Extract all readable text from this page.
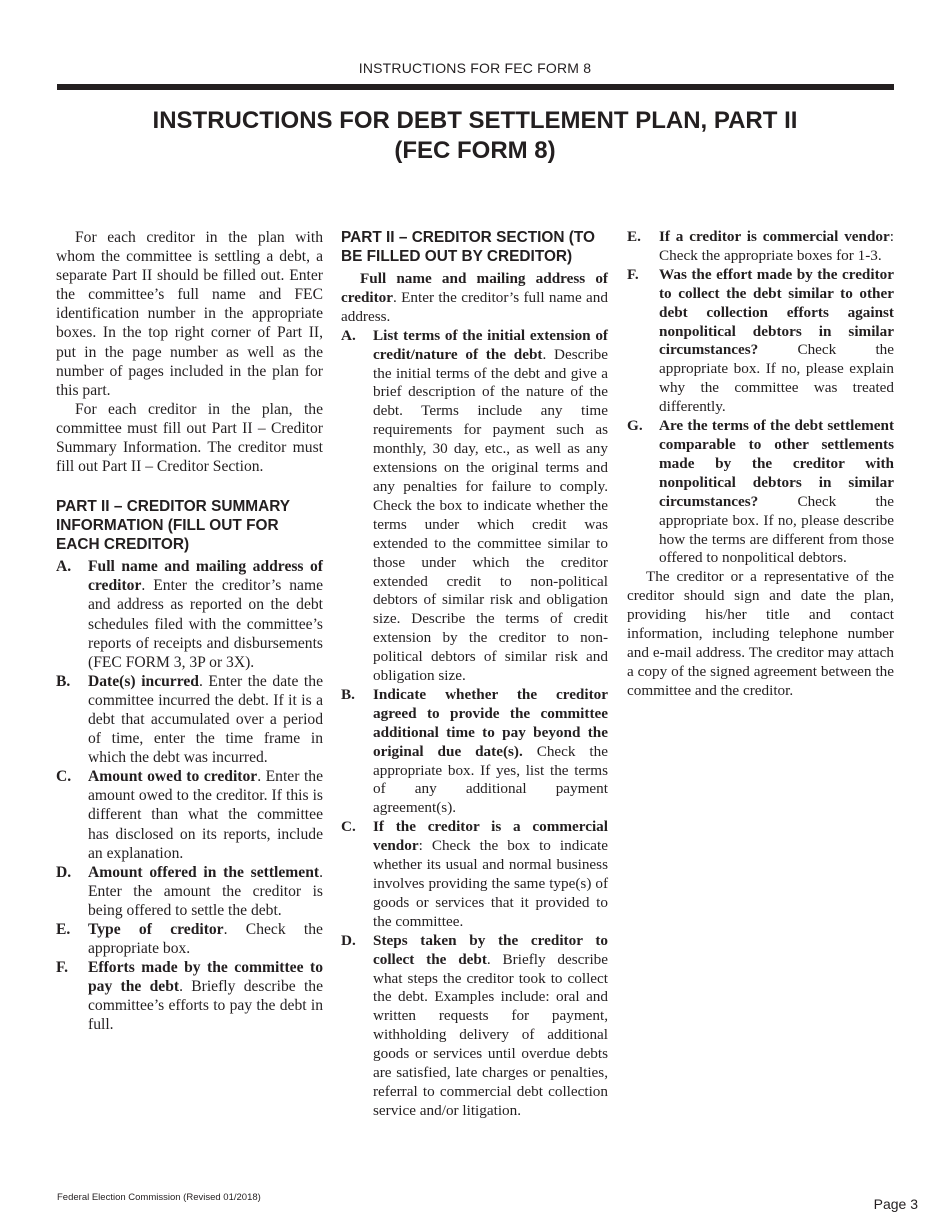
INSTRUCTIONS FOR FEC FORM 8
INSTRUCTIONS FOR DEBT SETTLEMENT PLAN, PART II
(FEC FORM 8)

For each creditor in the plan with whom the committee is settling a debt, a separate Part II should be filled out. Enter the committee’s full name and FEC identification number in the appropriate boxes. In the top right corner of Part II, put in the page number as well as the number of pages included in the plan for this part.

For each creditor in the plan, the committee must fill out Part II – Creditor Summary Information. The creditor must fill out Part II – Creditor Section.

PART II – CREDITOR SUMMARY INFORMATION (FILL OUT FOR EACH CREDITOR)
A. Full name and mailing address of creditor. Enter the creditor’s name and address as reported on the debt schedules filed with the committee’s reports of receipts and disbursements (FEC FORM 3, 3P or 3X).
B. Date(s) incurred. Enter the date the committee incurred the debt. If it is a debt that accumulated over a period of time, enter the time frame in which the debt was incurred.
C. Amount owed to creditor. Enter the amount owed to the creditor. If this is different than what the committee has disclosed on its reports, include an explanation.
D. Amount offered in the settlement. Enter the amount the creditor is being offered to settle the debt.
E. Type of creditor. Check the appropriate box.
F. Efforts made by the committee to pay the debt. Briefly describe the committee’s efforts to pay the debt in full.
PART II – CREDITOR SECTION (TO BE FILLED OUT BY CREDITOR)

Full name and mailing address of creditor. Enter the creditor’s full name and address.

A. List terms of the initial extension of credit/nature of the debt. Describe the initial terms of the debt and give a brief description of the nature of the debt. Terms include any time requirements for payment such as monthly, 30 day, etc., as well as any extensions on the original terms and any penalties for failure to comply. Check the box to indicate whether the terms under which credit was extended to the committee similar to those under which the creditor extended credit to non-political debtors of similar risk and obligation size. Describe the terms of credit extension by the creditor to non-political debtors of similar risk and obligation size.
B. Indicate whether the creditor agreed to provide the committee additional time to pay beyond the original due date(s). Check the appropriate box. If yes, list the terms of any additional payment agreement(s).
C. If the creditor is a commercial vendor: Check the box to indicate whether its usual and normal business involves providing the same type(s) of goods or services that it provided to the committee.
D. Steps taken by the creditor to collect the debt. Briefly describe what steps the creditor took to collect the debt. Examples include: oral and written requests for payment, withholding delivery of additional goods or services until overdue debts are satisfied, late charges or penalties, referral to commercial debt collection service and/or litigation.
E. If a creditor is commercial vendor: Check the appropriate boxes for 1-3.
F. Was the effort made by the creditor to collect the debt similar to other debt collection efforts against nonpolitical debtors in similar circumstances? Check the appropriate box. If no, please explain why the committee was treated differently.
G. Are the terms of the debt settlement comparable to other settlements made by the creditor with nonpolitical debtors in similar circumstances? Check the appropriate box. If no, please describe how the terms are different from those offered to nonpolitical debtors.

The creditor or a representative of the creditor should sign and date the plan, providing his/her title and contact information, including telephone number and e-mail address. The creditor may attach a copy of the signed agreement between the committee and the creditor.

Federal Election Commission (Revised 01/2018)	Page 3
